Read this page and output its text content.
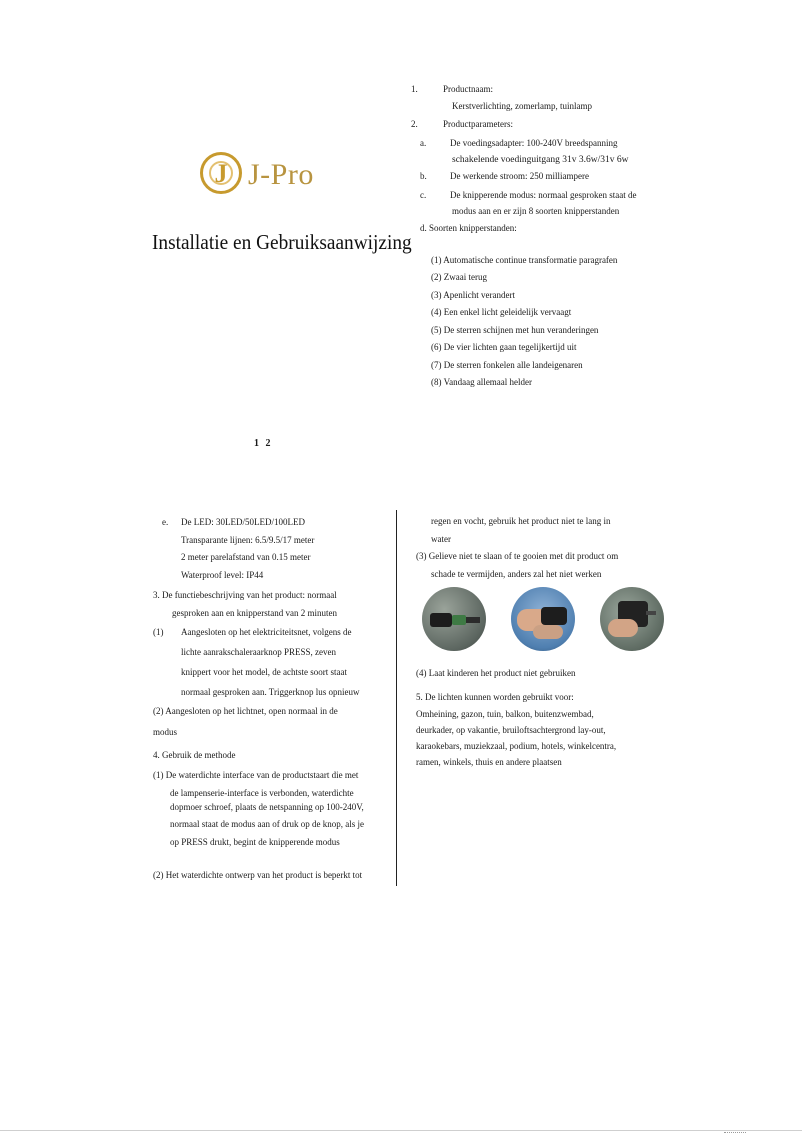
J J-Pro
Installatie en Gebruiksaanwijzing
1 2
1.	Productnaam:
Kerstverlichting, zomerlamp, tuinlamp
2.	Productparameters:
a.	De voedingsadapter: 100-240V breedspanning
schakelende voedinguitgang 31v 3.6w/31v 6w
b.	De werkende stroom: 250 milliampere
c.	De knipperende modus: normaal gesproken staat de
modus aan en er zijn 8 soorten knipperstanden
d. Soorten knipperstanden:
(1) Automatische continue transformatie paragrafen
(2) Zwaai terug
(3) Apenlicht verandert
(4) Een enkel licht geleidelijk vervaagt
(5) De sterren schijnen met hun veranderingen
(6) De vier lichten gaan tegelijkertijd uit
(7) De sterren fonkelen alle landeigenaren
(8) Vandaag allemaal helder
e. De LED: 30LED/50LED/100LED
Transparante lijnen: 6.5/9.5/17 meter
2 meter parelafstand van 0.15 meter
Waterproof level: IP44
3. De functiebeschrijving van het product: normaal
gesproken aan en knipperstand van 2 minuten
(1) Aangesloten op het elektriciteitsnet, volgens de
lichte aanrakschaleraarknop PRESS, zeven
knippert voor het model, de achtste soort staat
normaal gesproken aan. Triggerknop lus opnieuw
(2) Aangesloten op het lichtnet, open normaal in de
modus
4. Gebruik de methode
(1) De waterdichte interface van de productstaart die met
de lampenserie-interface is verbonden, waterdichte
dopmoer schroef, plaats de netspanning op 100-240V,
normaal staat de modus aan of druk op de knop, als je
op PRESS drukt, begint de knipperende modus
(2) Het waterdichte ontwerp van het product is beperkt tot
regen en vocht, gebruik het product niet te lang in
water
(3) Gelieve niet te slaan of te gooien met dit product om
schade te vermijden, anders zal het niet werken
(4) Laat kinderen het product niet gebruiken
5. De lichten kunnen worden gebruikt voor:
Omheining, gazon, tuin, balkon, buitenzwembad,
deurkader, op vakantie, bruiloftsachtergrond lay-out,
karaokebars, muziekzaal, podium, hotels, winkelcentra,
ramen, winkels, thuis en andere plaatsen
